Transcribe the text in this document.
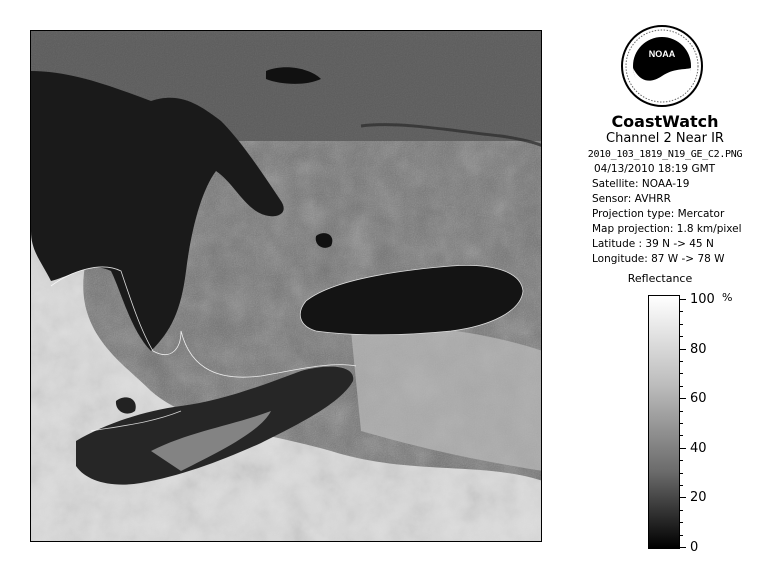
NOAA
CoastWatch
Channel 2 Near IR
2010_103_1819_N19_GE_C2.PNG
04/13/2010 18:19 GMT
Satellite: NOAA-19
Sensor: AVHRR
Projection type: Mercator
Map projection: 1.8 km/pixel
Latitude : 39 N -> 45 N
Longitude: 87 W -> 78 W
Reflectance
%
100
80
60
40
20
0
